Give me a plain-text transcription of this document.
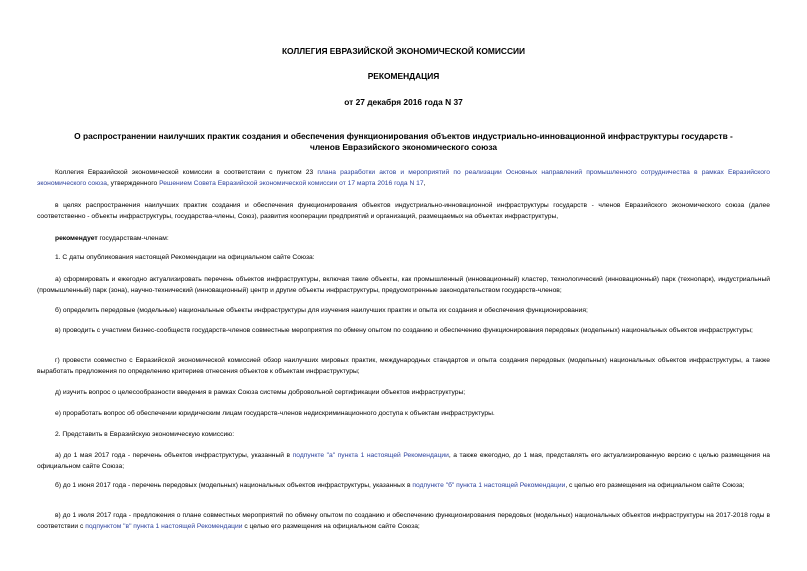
КОЛЛЕГИЯ ЕВРАЗИЙСКОЙ ЭКОНОМИЧЕСКОЙ КОМИССИИ
РЕКОМЕНДАЦИЯ
от 27 декабря 2016 года N 37
О распространении наилучших практик создания и обеспечения функционирования объектов индустриально-инновационной инфраструктуры государств -
членов Евразийского экономического союза
Коллегия Евразийской экономической комиссии в соответствии с пунктом 23 плана разработки актов и мероприятий по реализации Основных направлений промышленного сотрудничества в рамках Евразийского экономического союза, утвержденного Решением Совета Евразийской экономической комиссии от 17 марта 2016 года N 17,
в целях распространения наилучших практик создания и обеспечения функционирования объектов индустриально-инновационной инфраструктуры государств - членов Евразийского экономического союза (далее соответственно - объекты инфраструктуры, государства-члены, Союз), развития кооперации предприятий и организаций, размещаемых на объектах инфраструктуры,
рекомендует государствам-членам:
1. С даты опубликования настоящей Рекомендации на официальном сайте Союза:
а) сформировать и ежегодно актуализировать перечень объектов инфраструктуры, включая такие объекты, как промышленный (инновационный) кластер, технологический (инновационный) парк (технопарк), индустриальный (промышленный) парк (зона), научно-технический (инновационный) центр и другие объекты инфраструктуры, предусмотренные законодательством государств-членов;
б) определить передовые (модельные) национальные объекты инфраструктуры для изучения наилучших практик и опыта их создания и обеспечения функционирования;
в) проводить с участием бизнес-сообществ государств-членов совместные мероприятия по обмену опытом по созданию и обеспечению функционирования передовых (модельных) национальных объектов инфраструктуры;
г) провести совместно с Евразийской экономической комиссией обзор наилучших мировых практик, международных стандартов и опыта создания передовых (модельных) национальных объектов инфраструктуры, а также выработать предложения по определению критериев отнесения объектов к объектам инфраструктуры;
д) изучить вопрос о целесообразности введения в рамках Союза системы добровольной сертификации объектов инфраструктуры;
е) проработать вопрос об обеспечении юридическим лицам государств-членов недискриминационного доступа к объектам инфраструктуры.
2. Представить в Евразийскую экономическую комиссию:
а) до 1 мая 2017 года - перечень объектов инфраструктуры, указанный в подпункте "а" пункта 1 настоящей Рекомендации, а также ежегодно, до 1 мая, представлять его актуализированную версию с целью размещения на официальном сайте Союза;
б) до 1 июня 2017 года - перечень передовых (модельных) национальных объектов инфраструктуры, указанных в подпункте "б" пункта 1 настоящей Рекомендации, с целью его размещения на официальном сайте Союза;
в) до 1 июля 2017 года - предложения о плане совместных мероприятий по обмену опытом по созданию и обеспечению функционирования передовых (модельных) национальных объектов инфраструктуры на 2017-2018 годы в соответствии с подпунктом "в" пункта 1 настоящей Рекомендации с целью его размещения на официальном сайте Союза;
